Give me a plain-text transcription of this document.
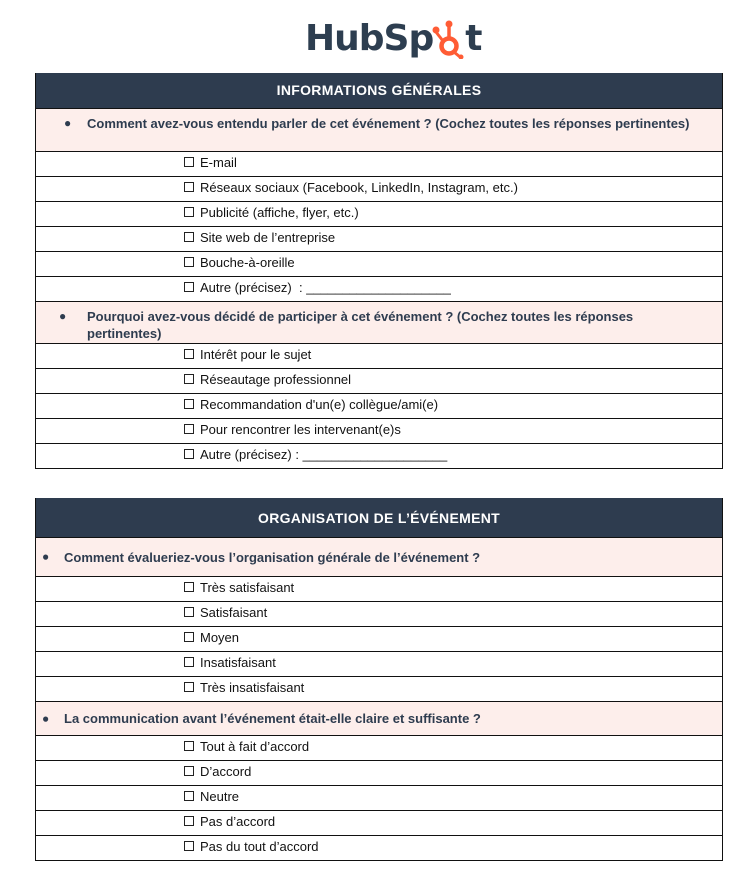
HubSp t
INFORMATIONS GÉNÉRALES
● Comment avez-vous entendu parler de cet événement ? (Cochez toutes les réponses pertinentes)
E-mail
Réseaux sociaux (Facebook, LinkedIn, Instagram, etc.)
Publicité (affiche, flyer, etc.)
Site web de l’entreprise
Bouche-à-oreille
Autre (précisez)  : ____________________
● Pourquoi avez-vous décidé de participer à cet événement ? (Cochez toutes les réponses pertinentes)
Intérêt pour le sujet
Réseautage professionnel
Recommandation d'un(e) collègue/ami(e)
Pour rencontrer les intervenant(e)s
Autre (précisez) : ____________________
ORGANISATION DE L’ÉVÉNEMENT
● Comment évalueriez-vous l’organisation générale de l’événement ?
Très satisfaisant
Satisfaisant
Moyen
Insatisfaisant
Très insatisfaisant
● La communication avant l’événement était-elle claire et suffisante ?
Tout à fait d’accord
D’accord
Neutre
Pas d’accord
Pas du tout d’accord
